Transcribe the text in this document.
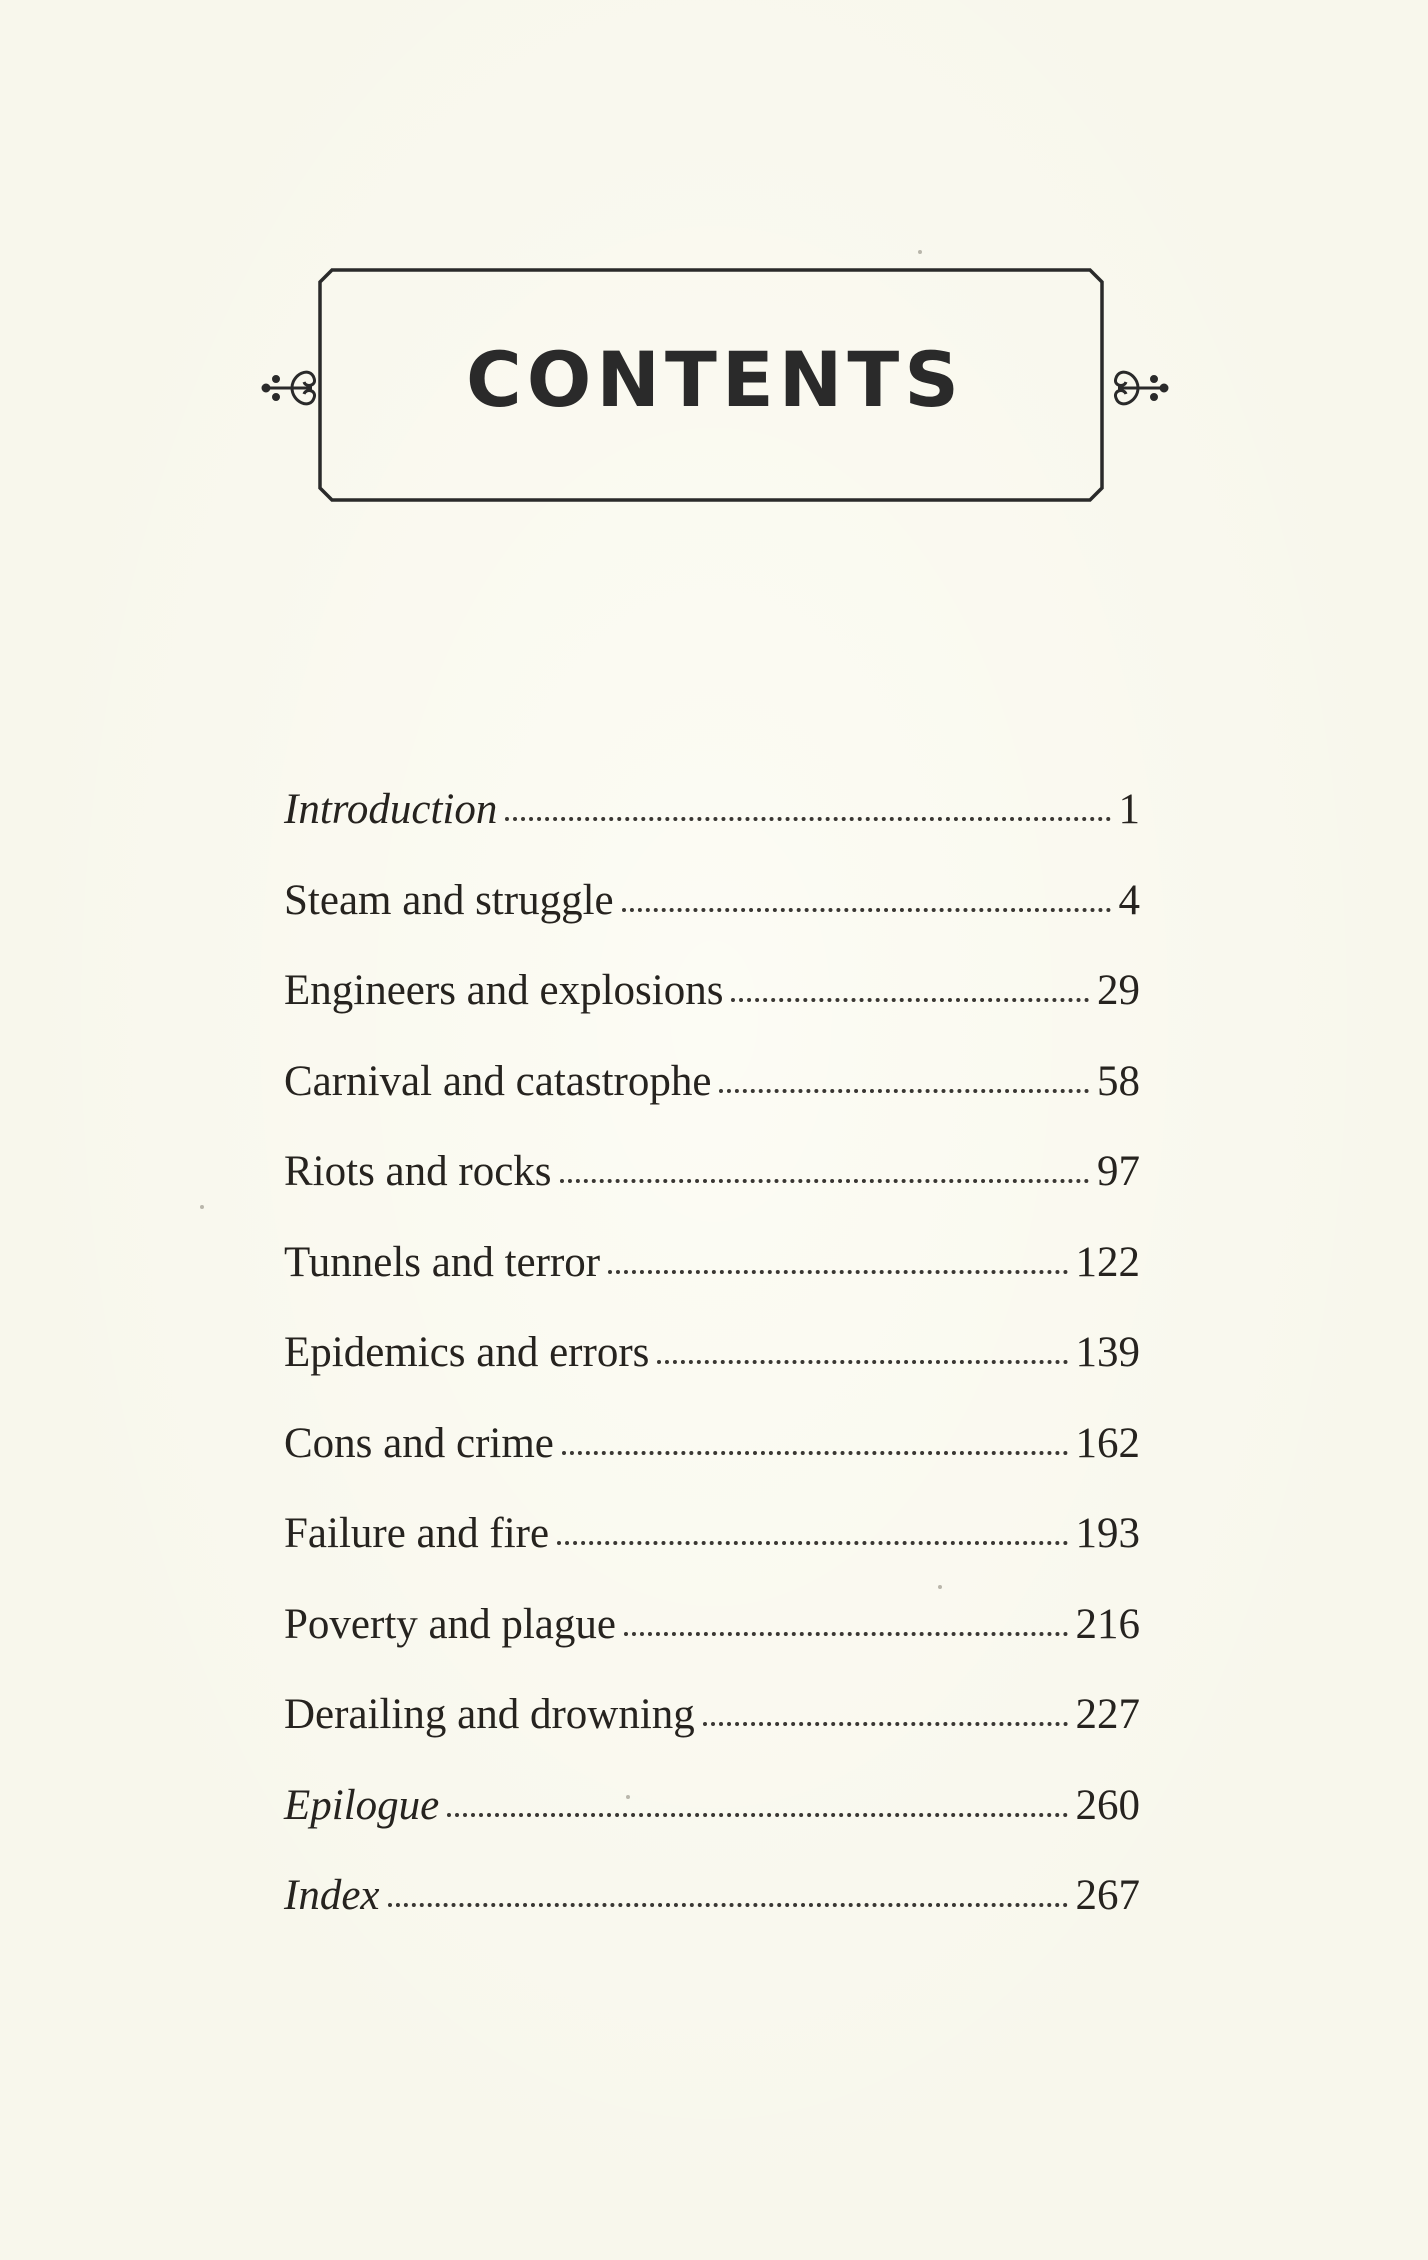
CONTENTS
Introduction	1
Steam and struggle	4
Engineers and explosions	29
Carnival and catastrophe	58
Riots and rocks	97
Tunnels and terror	122
Epidemics and errors	139
Cons and crime	162
Failure and fire	193
Poverty and plague	216
Derailing and drowning	227
Epilogue	260
Index	267
